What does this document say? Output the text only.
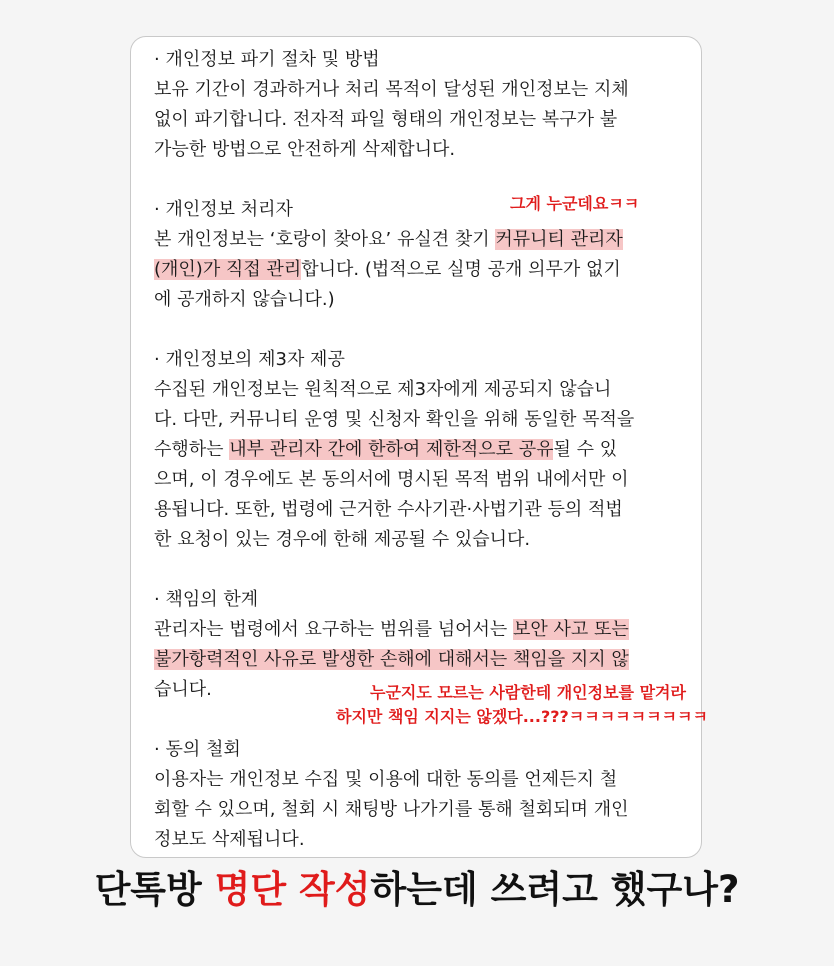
· 개인정보 파기 절차 및 방법
보유 기간이 경과하거나 처리 목적이 달성된 개인정보는 지체
없이 파기합니다. 전자적 파일 형태의 개인정보는 복구가 불
가능한 방법으로 안전하게 삭제합니다.
· 개인정보 처리자
본 개인정보는 ‘호랑이 찾아요’ 유실견 찾기 커뮤니티 관리자
(개인)가 직접 관리합니다. (법적으로 실명 공개 의무가 없기
에 공개하지 않습니다.)
· 개인정보의 제3자 제공
수집된 개인정보는 원칙적으로 제3자에게 제공되지 않습니
다. 다만, 커뮤니티 운영 및 신청자 확인을 위해 동일한 목적을
수행하는 내부 관리자 간에 한하여 제한적으로 공유될 수 있
으며, 이 경우에도 본 동의서에 명시된 목적 범위 내에서만 이
용됩니다. 또한, 법령에 근거한 수사기관·사법기관 등의 적법
한 요청이 있는 경우에 한해 제공될 수 있습니다.
· 책임의 한계
관리자는 법령에서 요구하는 범위를 넘어서는 보안 사고 또는
불가항력적인 사유로 발생한 손해에 대해서는 책임을 지지 않
습니다.
· 동의 철회
이용자는 개인정보 수집 및 이용에 대한 동의를 언제든지 철
회할 수 있으며, 철회 시 채팅방 나가기를 통해 철회되며 개인
정보도 삭제됩니다.
그게 누군데요ㅋㅋ
누군지도 모르는 사람한테 개인정보를 맡겨라
하지만 책임 지지는 않겠다...???ㅋㅋㅋㅋㅋㅋㅋㅋㅋ
단톡방 명단 작성하는데 쓰려고 했구나?
